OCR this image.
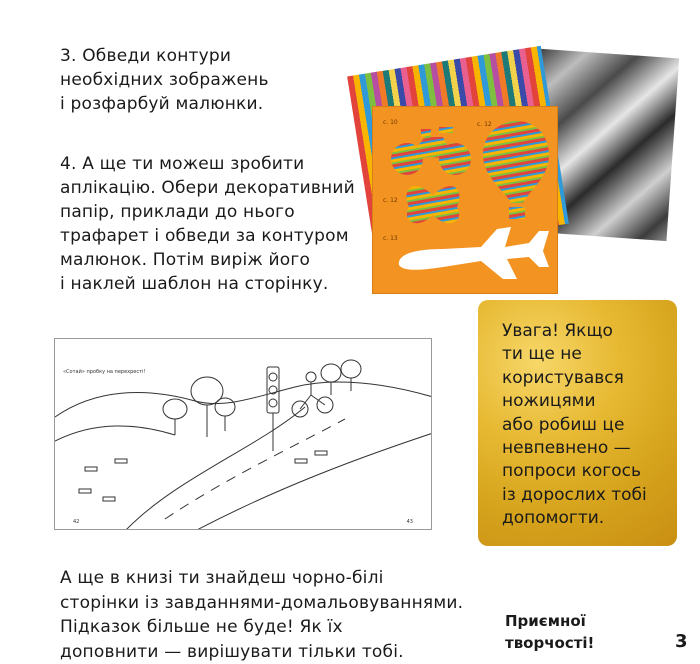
3. Обведи контури
необхідних зображень
і розфарбуй малюнки.

4. А ще ти можеш зробити
аплікацію. Обери декоративний
папір, приклади до нього
трафарет і обведи за контуром
малюнок. Потім виріж його
і наклей шаблон на сторінку.

с. 10	с. 12
с. 12
с. 13
«Сотай» пробку на перехресті!
42	43

Увага! Якщо
ти ще не
користувався
ножицями
або робиш це
невпевнено —
попроси когось
із дорослих тобі
допомогти.

А ще в книзі ти знайдеш чорно-білі
сторінки із завданнями-домальовуваннями.
Підказок більше не буде! Як їх
доповнити — вирішувати тільки тобі.

Приємної
творчості!	3
